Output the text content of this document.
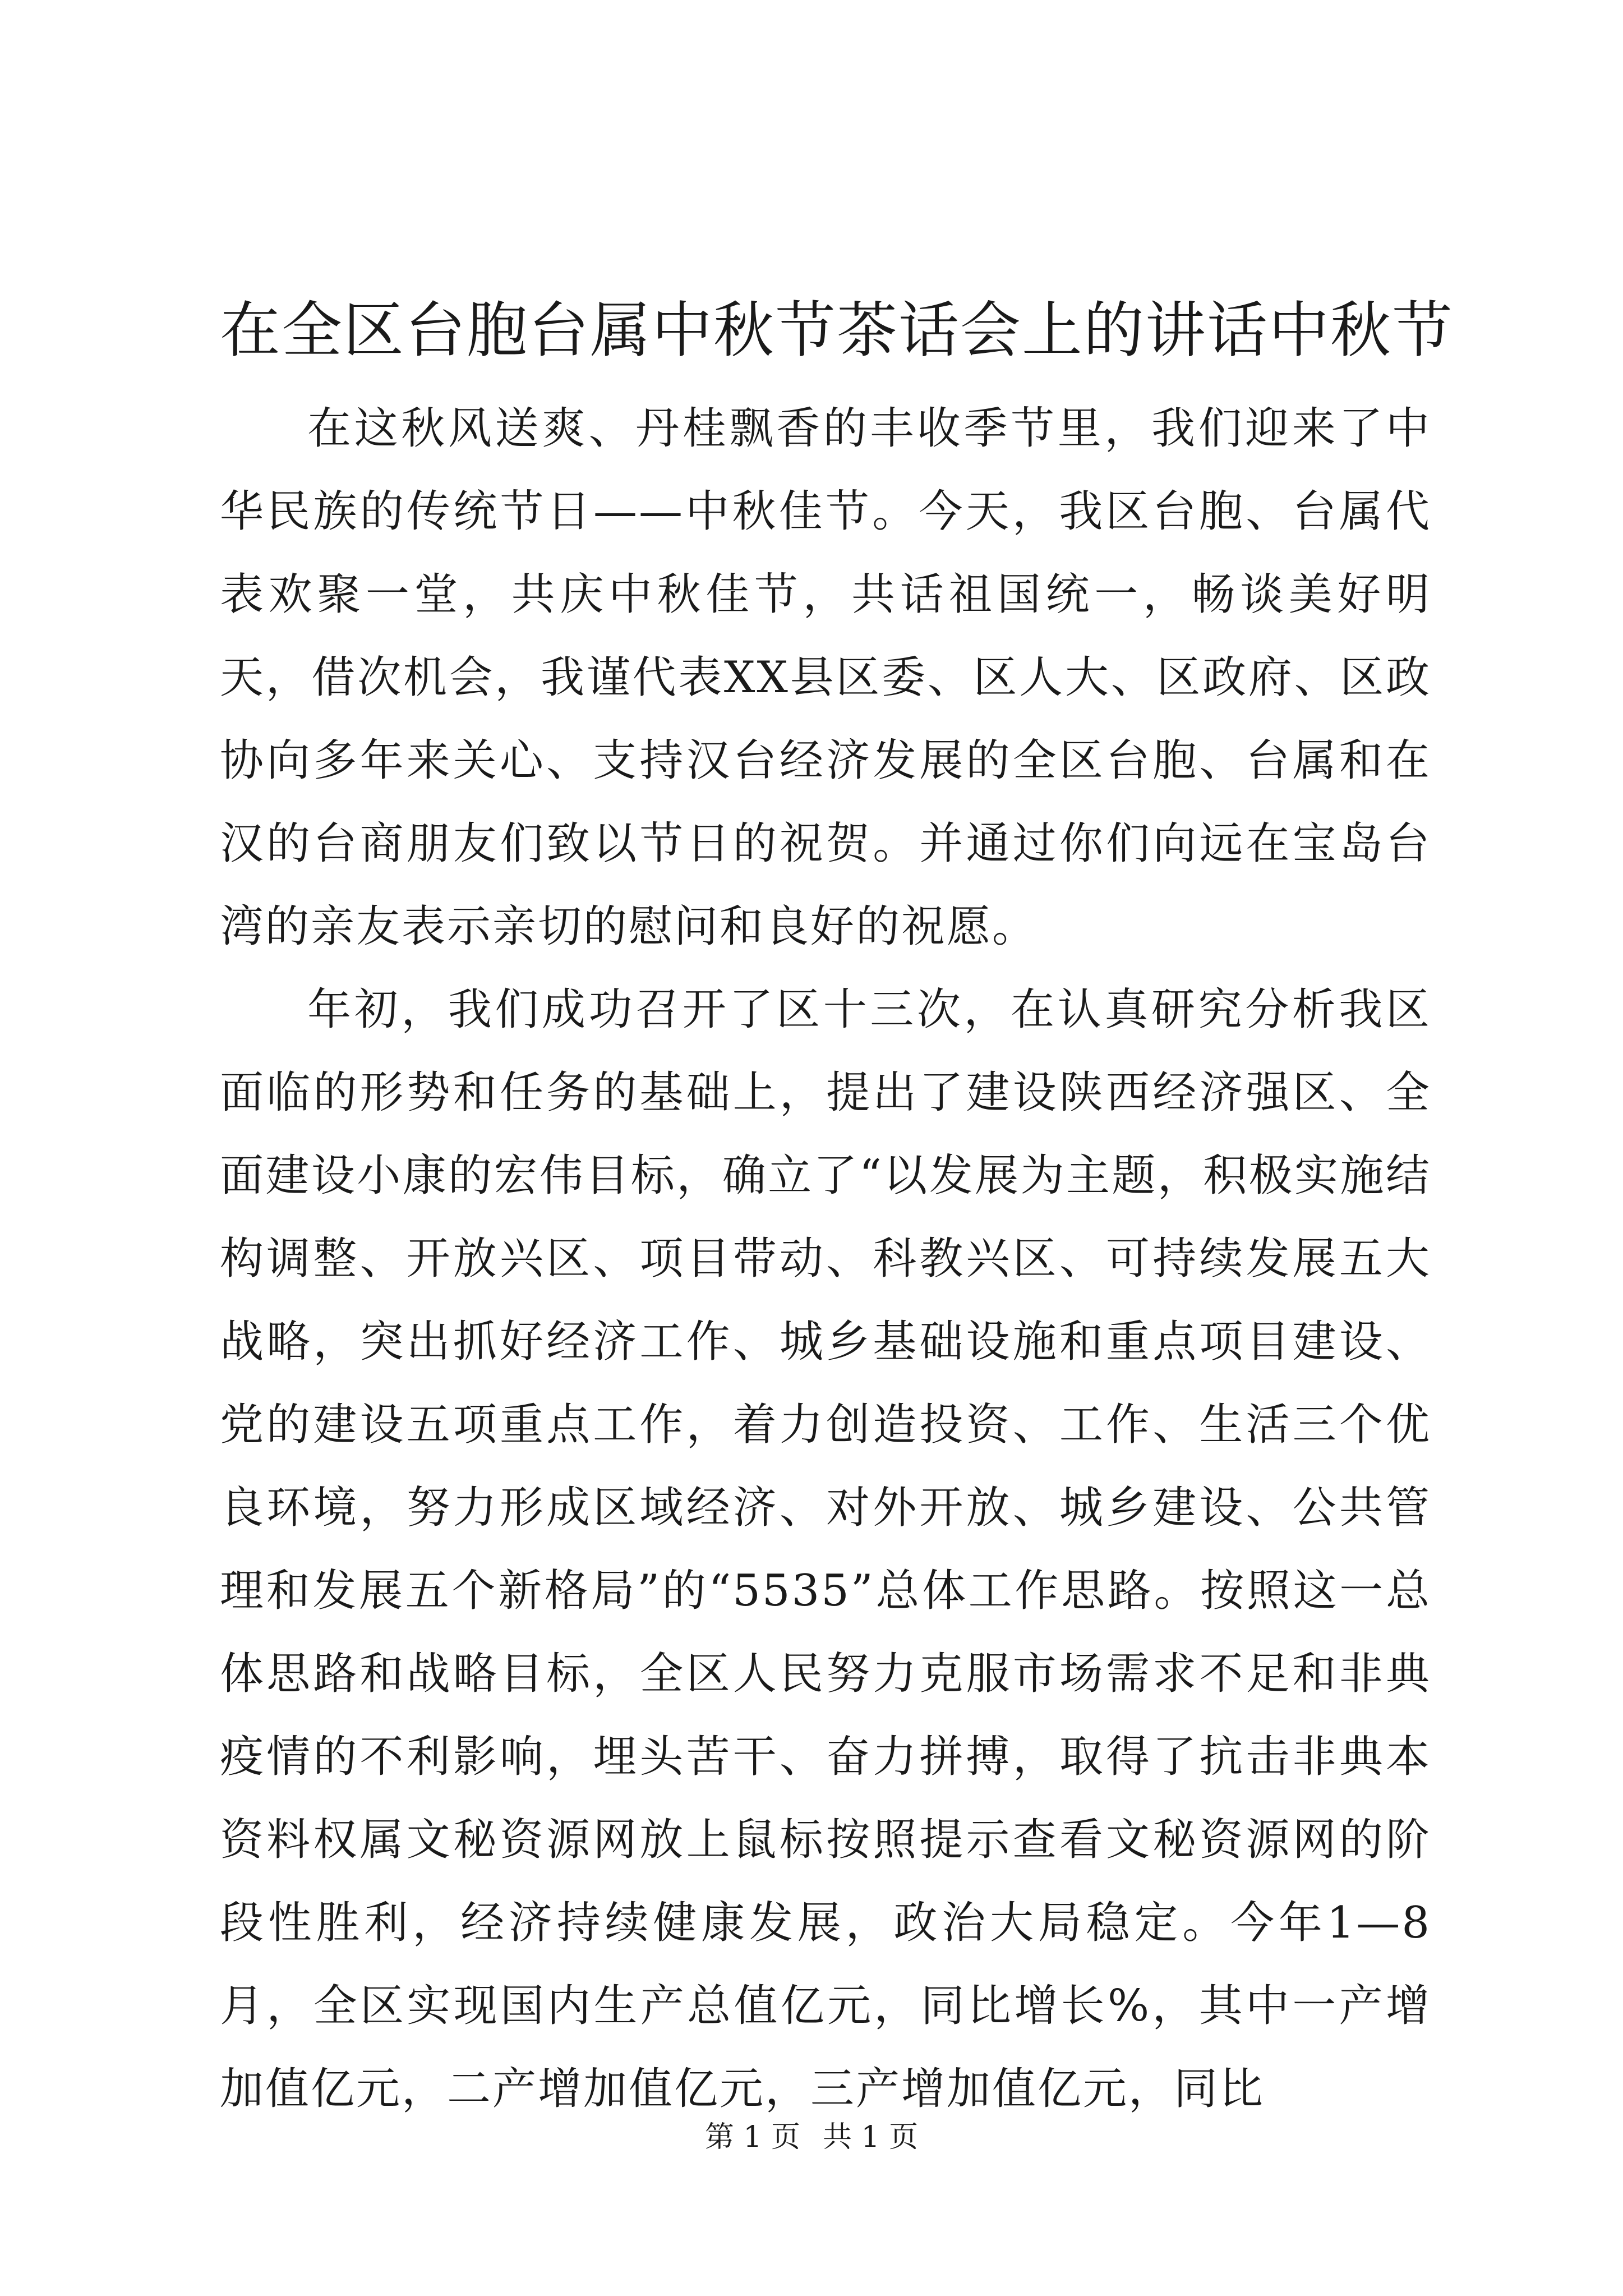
在全区台胞台属中秋节茶话会上的讲话中秋节

在这秋风送爽、丹桂飘香的丰收季节里，我们迎来了中华民族的传统节日——中秋佳节。今天，我区台胞、台属代表欢聚一堂，共庆中秋佳节，共话祖国统一，畅谈美好明天，借次机会，我谨代表XX县区委、区人大、区政府、区政协向多年来关心、支持汉台经济发展的全区台胞、台属和在汉的台商朋友们致以节日的祝贺。并通过你们向远在宝岛台湾的亲友表示亲切的慰问和良好的祝愿。

年初，我们成功召开了区十三次，在认真研究分析我区面临的形势和任务的基础上，提出了建设陕西经济强区、全面建设小康的宏伟目标，确立了“以发展为主题，积极实施结构调整、开放兴区、项目带动、科教兴区、可持续发展五大战略，突出抓好经济工作、城乡基础设施和重点项目建设、党的建设五项重点工作，着力创造投资、工作、生活三个优良环境，努力形成区域经济、对外开放、城乡建设、公共管理和发展五个新格局”的“5535”总体工作思路。按照这一总体思路和战略目标，全区人民努力克服市场需求不足和非典疫情的不利影响，埋头苦干、奋力拼搏，取得了抗击非典本资料权属文秘资源网放上鼠标按照提示查看文秘资源网的阶段性胜利，经济持续健康发展，政治大局稳定。今年1—8月，全区实现国内生产总值亿元，同比增长%，其中一产增加值亿元，二产增加值亿元，三产增加值亿元，同比

第 1 页 共 1 页
